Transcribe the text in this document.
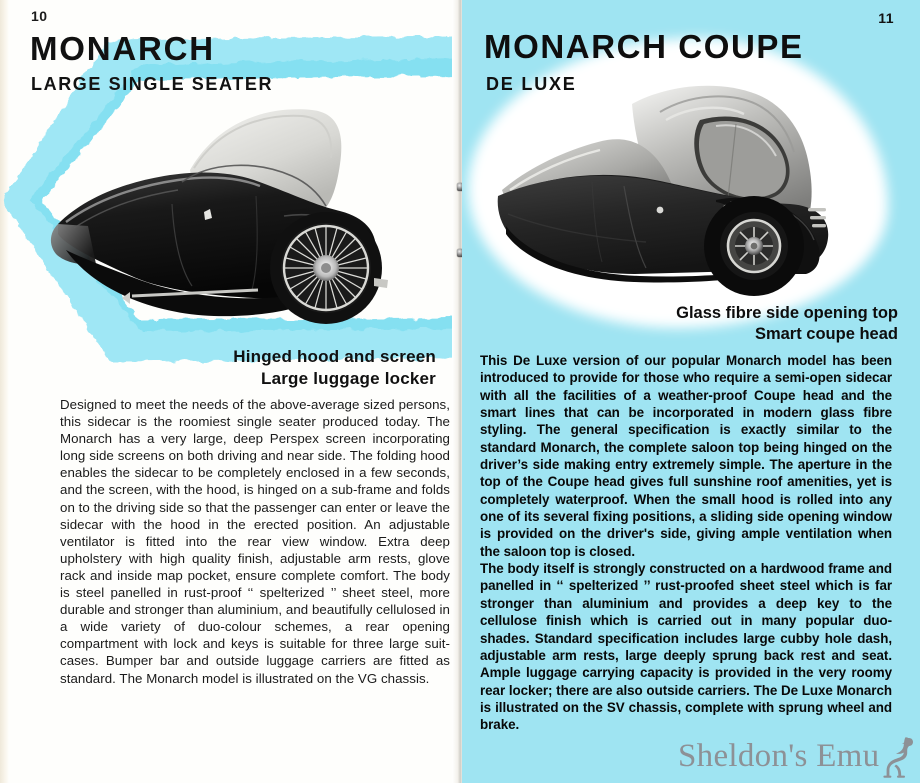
10
MONARCH
LARGE SINGLE SEATER
Hinged hood and screen
Large luggage locker
Designed to meet the needs of the above-average sized persons, this sidecar is the roomiest single seater produced today. The Monarch has a very large, deep Perspex screen incorporating long side screens on both driving and near side. The folding hood enables the sidecar to be completely enclosed in a few seconds, and the screen, with the hood, is hinged on a sub-frame and folds on to the driving side so that the passenger can enter or leave the sidecar with the hood in the erected position. An adjustable ventilator is fitted into the rear view window. Extra deep upholstery with high quality finish, adjustable arm rests, glove rack and inside map pocket, ensure complete comfort. The body is steel panelled in rust-proof ‘‘ spelterized ’’ sheet steel, more durable and stronger than aluminium, and beautifully cellulosed in a wide variety of duo-colour schemes, a rear opening compartment with lock and keys is suitable for three large suit-cases. Bumper bar and outside luggage carriers are fitted as standard. The Monarch model is illustrated on the VG chassis.
11
MONARCH COUPE
DE LUXE
Glass fibre side opening top
Smart coupe head

This De Luxe version of our popular Monarch model has been introduced to provide for those who require a semi-open sidecar with all the facilities of a weather-proof Coupe head and the smart lines that can be incorporated in modern glass fibre styling. The general specification is exactly similar to the standard Monarch, the complete saloon top being hinged on the driver’s side making entry extremely simple. The aperture in the top of the Coupe head gives full sunshine roof amenities, yet is completely waterproof. When the small hood is rolled into any one of its several fixing positions, a sliding side opening window is provided on the driver's side, giving ample ventilation when the saloon top is closed.

The body itself is strongly constructed on a hardwood frame and panelled in ‘‘ spelterized ’’ rust-proofed sheet steel which is far stronger than aluminium and provides a deep key to the cellulose finish which is carried out in many popular duo-shades. Standard specification includes large cubby hole dash, adjustable arm rests, large deeply sprung back rest and seat. Ample luggage carrying capacity is provided in the very roomy rear locker; there are also outside carriers. The De Luxe Monarch is illustrated on the SV chassis, complete with sprung wheel and brake.

Sheldon's Emu
